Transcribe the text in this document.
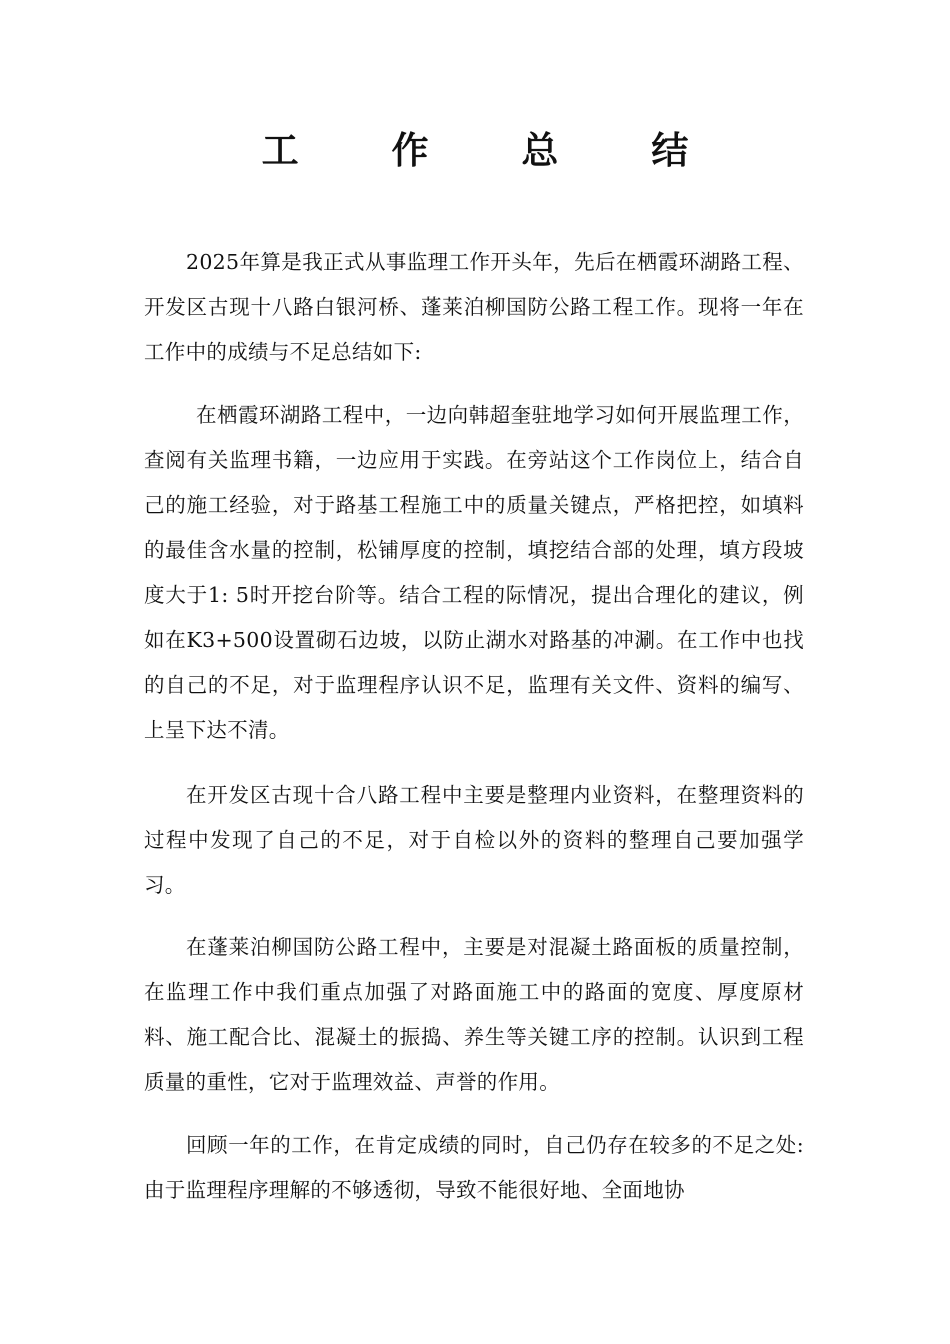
工 作 总 结

2025年算是我正式从事监理工作开头年，先后在栖霞环湖路工程、开发区古现十八路白银河桥、蓬莱泊柳国防公路工程工作。现将一年在工作中的成绩与不足总结如下:

在栖霞环湖路工程中，一边向韩超奎驻地学习如何开展监理工作，查阅有关监理书籍，一边应用于实践。在旁站这个工作岗位上，结合自己的施工经验，对于路基工程施工中的质量关键点，严格把控，如填料的最佳含水量的控制，松铺厚度的控制，填挖结合部的处理，填方段坡度大于1: 5时开挖台阶等。结合工程的际情况，提出合理化的建议，例如在K3+500设置砌石边坡，以防止湖水对路基的冲涮。在工作中也找的自己的不足，对于监理程序认识不足，监理有关文件、资料的编写、上呈下达不清。

在开发区古现十合八路工程中主要是整理内业资料，在整理资料的过程中发现了自己的不足，对于自检以外的资料的整理自己要加强学习。

在蓬莱泊柳国防公路工程中，主要是对混凝土路面板的质量控制，在监理工作中我们重点加强了对路面施工中的路面的宽度、厚度原材料、施工配合比、混凝土的振捣、养生等关键工序的控制。认识到工程质量的重性，它对于监理效益、声誉的作用。

回顾一年的工作，在肯定成绩的同时，自己仍存在较多的不足之处: 由于监理程序理解的不够透彻，导致不能很好地、全面地协
